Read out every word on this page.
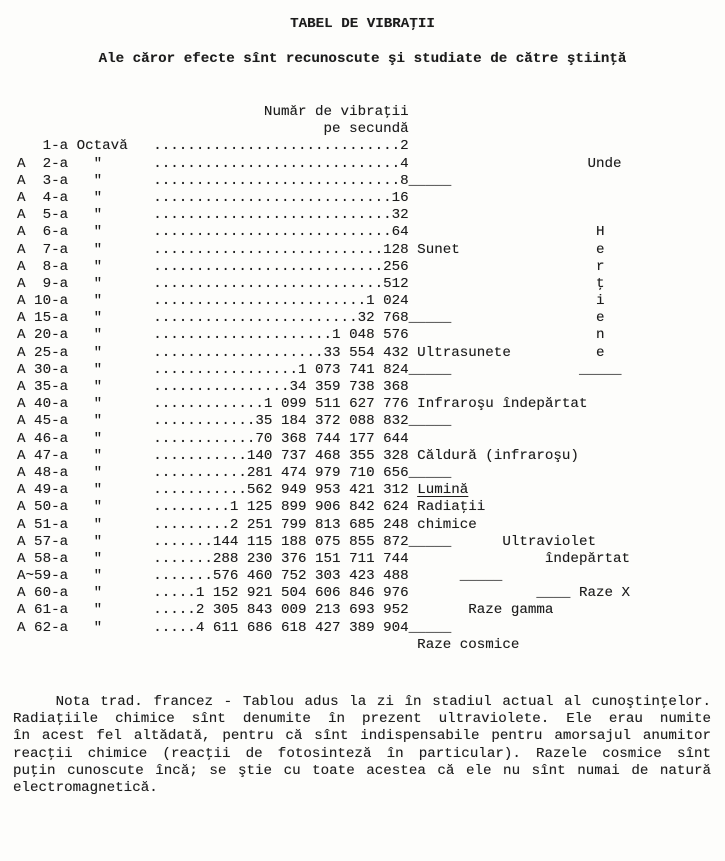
TABEL DE VIBRAŢII
Ale căror efecte sînt recunoscute şi studiate de către ştiinţă
Număr de vibraţii
pe secundă
1-a Octavă   .............................2
A  2-a   "      .............................4                     Unde
A  3-a   "      .............................8_____
A  4-a   "      ............................16
A  5-a   "      ............................32
A  6-a   "      ............................64                      H
A  7-a   "      ...........................128 Sunet                e
A  8-a   "      ...........................256                      r
A  9-a   "      ...........................512                      ţ
A 10-a   "      .........................1 024                      i
A 15-a   "      ........................32 768_____                 e
A 20-a   "      .....................1 048 576                      n
A 25-a   "      ....................33 554 432 Ultrasunete          e
A 30-a   "      .................1 073 741 824_____               _____
A 35-a   "      ................34 359 738 368
A 40-a   "      .............1 099 511 627 776 Infraroşu îndepărtat
A 45-a   "      ............35 184 372 088 832_____
A 46-a   "      ............70 368 744 177 644
A 47-a   "      ...........140 737 468 355 328 Căldură (infraroşu)
A 48-a   "      ...........281 474 979 710 656_____
A 49-a   "      ...........562 949 953 421 312 Lumină
A 50-a   "      .........1 125 899 906 842 624 Radiaţii
A 51-a   "      .........2 251 799 813 685 248 chimice
A 57-a   "      .......144 115 188 075 855 872_____      Ultraviolet
A 58-a   "      .......288 230 376 151 711 744                îndepărtat
A~59-a   "      .......576 460 752 303 423 488      _____
A 60-a   "      .....1 152 921 504 606 846 976               ____ Raze X
A 61-a   "      .....2 305 843 009 213 693 952       Raze gamma
A 62-a   "      .....4 611 686 618 427 389 904_____
Raze cosmice
Nota trad. francez - Tablou adus la zi în stadiul actual al cunoştinţelor.
Radiaţiile chimice sînt denumite în prezent ultraviolete. Ele erau numite
în acest fel altădată, pentru că sînt indispensabile pentru amorsajul anumitor
reacţii chimice (reacţii de fotosinteză în particular). Razele cosmice sînt
puţin cunoscute încă; se ştie cu toate acestea că ele nu sînt numai de natură
electromagnetică.
